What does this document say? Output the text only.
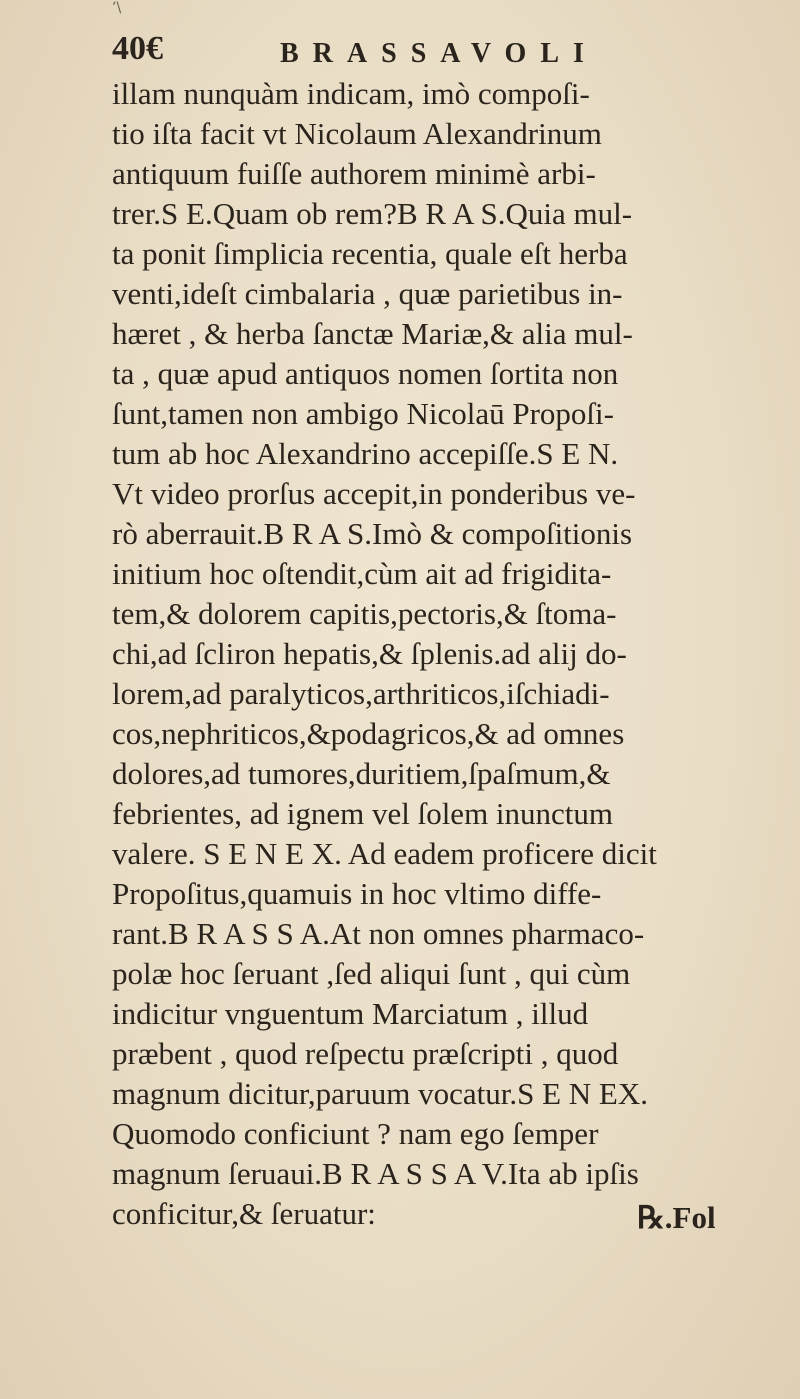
ʼ\
40€	BRASSAVOLI
illam nunquàm indicam, imò compoſi-
tio iſta facit vt Nicolaum Alexandrinum
antiquum fuiſſe authorem minimè arbi-
trer.S E.Quam ob rem?B R A S.Quia mul-
ta ponit ſimplicia recentia, quale eſt herba
venti,ideſt cimbalaria , quæ parietibus in-
hæret , & herba ſanctæ Mariæ,& alia mul-
ta , quæ apud antiquos nomen ſortita non
ſunt,tamen non ambigo Nicolaū Propoſi-
tum ab hoc Alexandrino accepiſſe.S E N.
Vt video prorſus accepit,in ponderibus ve-
rò aberrauit.B R A S.Imò & compoſitionis
initium hoc oſtendit,cùm ait ad frigidita-
tem,& dolorem capitis,pectoris,& ſtoma-
chi,ad ſcliron hepatis,& ſplenis.ad alij do-
lorem,ad paralyticos,arthriticos,iſchiadi-
cos,nephriticos,&podagricos,& ad omnes
dolores,ad tumores,duritiem,ſpaſmum,&
febrientes, ad ignem vel ſolem inunctum
valere. S E N E X. Ad eadem proficere dicit
Propoſitus,quamuis in hoc vltimo diffe-
rant.B R A S S A.At non omnes pharmaco-
polæ hoc ſeruant ,ſed aliqui ſunt , qui cùm
indicitur vnguentum Marciatum , illud
præbent , quod reſpectu præſcripti , quod
magnum dicitur,paruum vocatur.S E N EX.
Quomodo conficiunt ? nam ego ſemper
magnum ſeruaui.B R A S S A V.Ita ab ipſis
conficitur,& ſeruatur:	℞.Fol
